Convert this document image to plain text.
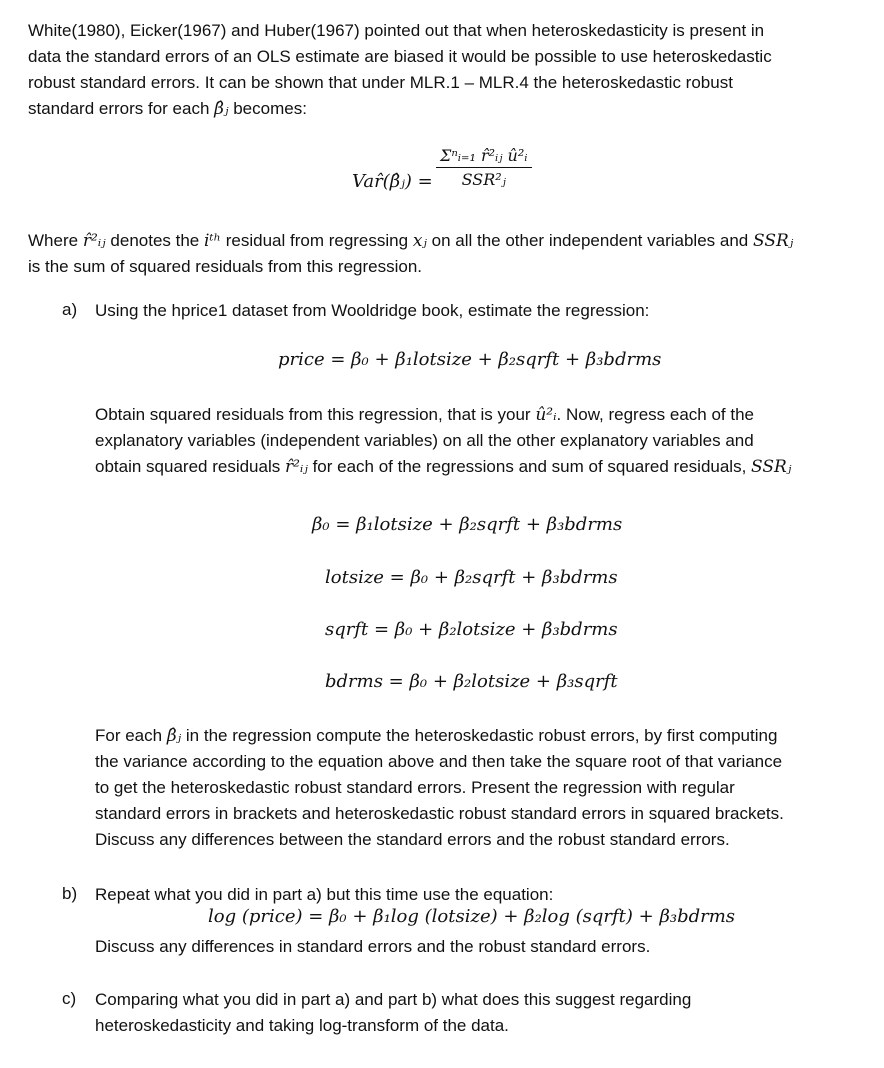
White(1980), Eicker(1967) and Huber(1967) pointed out that when heteroskedasticity is present in
data the standard errors of an OLS estimate are biased it would be possible to use heteroskedastic
robust standard errors. It can be shown that under MLR.1 – MLR.4 the heteroskedastic robust
standard errors for each β̂ⱼ becomes:

Var̂(β̂ⱼ) =
Σⁿᵢ₌₁ r̂²ᵢⱼ û²ᵢ
SSR²ⱼ

Where r̂²ᵢⱼ denotes the iᵗʰ residual from regressing xⱼ on all the other independent variables and SSRⱼ
is the sum of squared residuals from this regression.

a) Using the hprice1 dataset from Wooldridge book, estimate the regression:

price = β₀ + β₁lotsize + β₂sqrft + β₃bdrms

Obtain squared residuals from this regression, that is your û²ᵢ. Now, regress each of the
explanatory variables (independent variables) on all the other explanatory variables and
obtain squared residuals r̂²ᵢⱼ for each of the regressions and sum of squared residuals, SSRⱼ

β₀ = β₁lotsize + β₂sqrft + β₃bdrms
lotsize = β₀ + β₂sqrft + β₃bdrms
sqrft = β₀ + β₂lotsize + β₃bdrms
bdrms = β₀ + β₂lotsize + β₃sqrft

For each β̂ⱼ in the regression compute the heteroskedastic robust errors, by first computing
the variance according to the equation above and then take the square root of that variance
to get the heteroskedastic robust standard errors. Present the regression with regular
standard errors in brackets and heteroskedastic robust standard errors in squared brackets.
Discuss any differences between the standard errors and the robust standard errors.

b) Repeat what you did in part a) but this time use the equation:

log (price) = β₀ + β₁log (lotsize) + β₂log (sqrft) + β₃bdrms

Discuss any differences in standard errors and the robust standard errors.

c) Comparing what you did in part a) and part b) what does this suggest regarding
heteroskedasticity and taking log-transform of the data.
